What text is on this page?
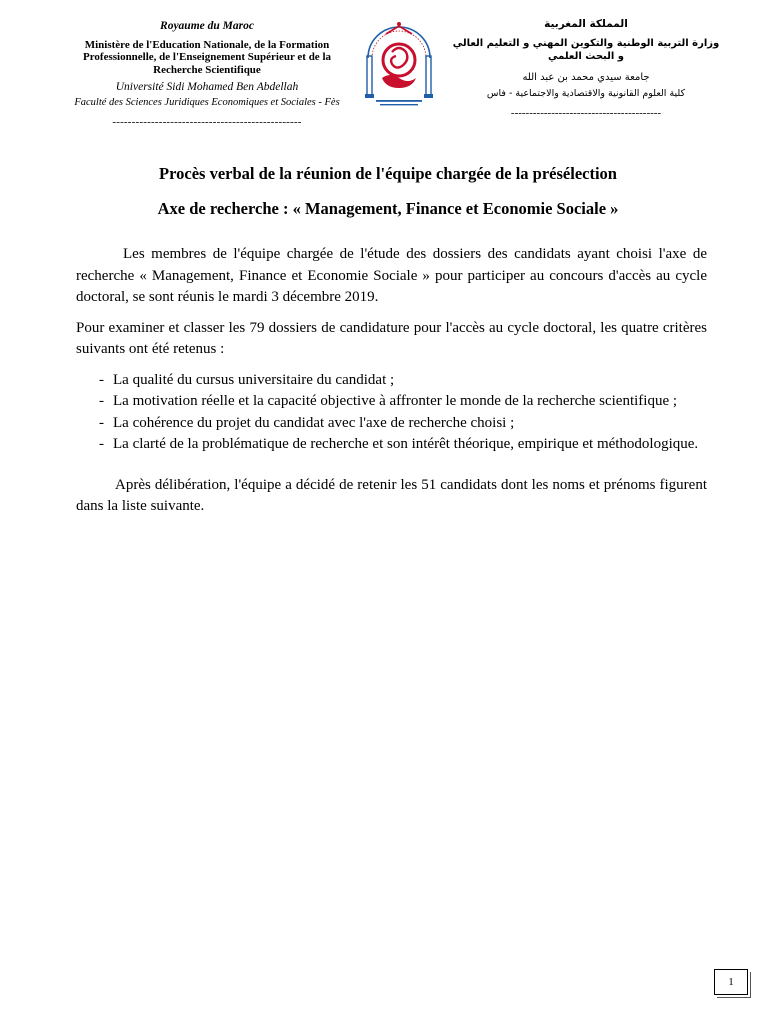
Royaume du Maroc
Ministère de l'Education Nationale, de la Formation
Professionnelle, de l'Enseignement Supérieur et de la
Recherche Scientifique
Université Sidi Mohamed Ben Abdellah
Faculté des Sciences Juridiques Economiques et Sociales - Fès
-------------------------------------------------
المملكة المغربية
وزارة التربية الوطنية والتكوين المهني و التعليم العالي
و البحث العلمي
جامعة سيدي محمد بن عبد الله
كلية العلوم القانونية والاقتصادية والاجتماعية - فاس
-----------------------------------------
Procès verbal de la réunion de l'équipe chargée de la présélection
Axe de recherche : « Management, Finance et Economie Sociale »

Les membres de l'équipe chargée de l'étude des dossiers des candidats ayant choisi l'axe de recherche « Management, Finance et Economie Sociale » pour participer au concours d'accès au cycle doctoral, se sont réunis le mardi 3 décembre 2019.

Pour examiner et classer les 79 dossiers de candidature pour l'accès au cycle doctoral, les quatre critères suivants ont été retenus :

- La qualité du cursus universitaire du candidat ;
- La motivation réelle et la capacité objective à affronter le monde de la recherche scientifique ;
- La cohérence du projet du candidat avec l'axe de recherche choisi ;
- La clarté de la problématique de recherche et son intérêt théorique, empirique et méthodologique.

Après délibération, l'équipe a décidé de retenir les 51 candidats dont les noms et prénoms figurent dans la liste suivante.

1
